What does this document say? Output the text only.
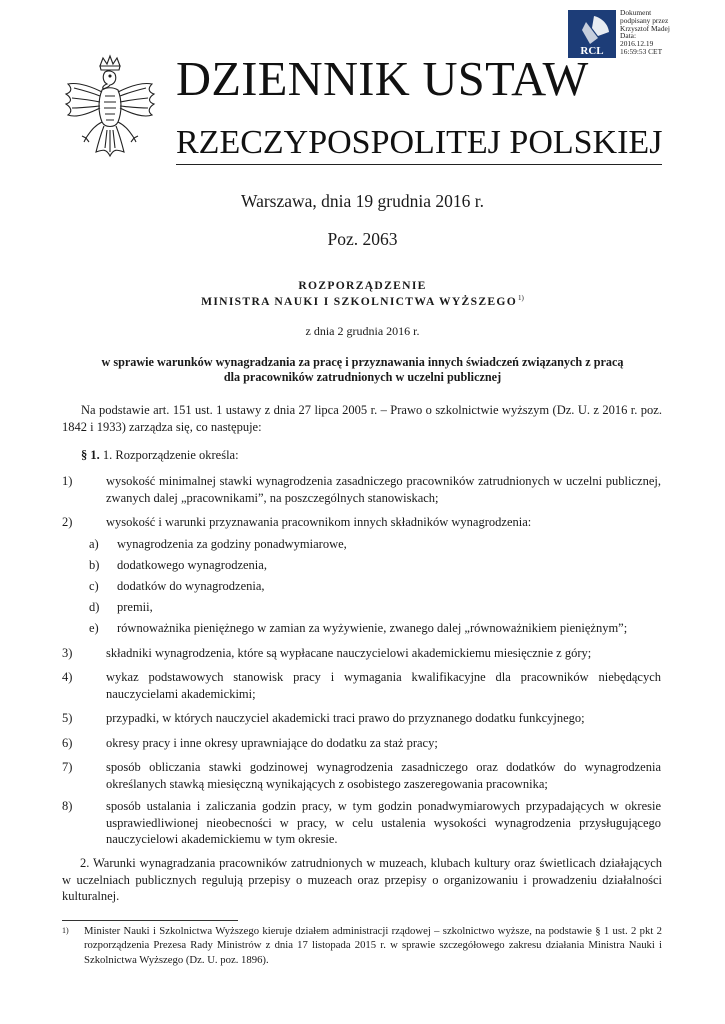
RCL
Dokument
podpisany przez
Krzysztof Madej
Data:
2016.12.19
16:59:53 CET
DZIENNIK USTAW
RZECZYPOSPOLITEJ POLSKIEJ
Warszawa, dnia 19 grudnia 2016 r.
Poz. 2063
ROZPORZĄDZENIE
MINISTRA NAUKI I SZKOLNICTWA WYŻSZEGO$^{1)}$
z dnia 2 grudnia 2016 r.
w sprawie warunków wynagradzania za pracę i przyznawania innych świadczeń związanych z pracą
dla pracowników zatrudnionych w uczelni publicznej
Na podstawie art. 151 ust. 1 ustawy z dnia 27 lipca 2005 r. – Prawo o szkolnictwie wyższym (Dz. U. z 2016 r. poz. 1842 i 1933) zarządza się, co następuje:
§ 1. 1. Rozporządzenie określa:
1)	wysokość minimalnej stawki wynagrodzenia zasadniczego pracowników zatrudnionych w uczelni publicznej, zwanych dalej „pracownikami”, na poszczególnych stanowiskach;
2)	wysokość i warunki przyznawania pracownikom innych składników wynagrodzenia:
a)	wynagrodzenia za godziny ponadwymiarowe,
b)	dodatkowego wynagrodzenia,
c)	dodatków do wynagrodzenia,
d)	premii,
e)	równoważnika pieniężnego w zamian za wyżywienie, zwanego dalej „równoważnikiem pieniężnym”;
3)	składniki wynagrodzenia, które są wypłacane nauczycielowi akademickiemu miesięcznie z góry;
4)	wykaz podstawowych stanowisk pracy i wymagania kwalifikacyjne dla pracowników niebędących nauczycielami akademickimi;
5)	przypadki, w których nauczyciel akademicki traci prawo do przyznanego dodatku funkcyjnego;
6)	okresy pracy i inne okresy uprawniające do dodatku za staż pracy;
7)	sposób obliczania stawki godzinowej wynagrodzenia zasadniczego oraz dodatków do wynagrodzenia określanych stawką miesięczną wynikających z osobistego zaszeregowania pracownika;
8)	sposób ustalania i zaliczania godzin pracy, w tym godzin ponadwymiarowych przypadających w okresie usprawiedliwionej nieobecności w pracy, w celu ustalenia wysokości wynagrodzenia przysługującego nauczycielowi akademickiemu w tym okresie.
2. Warunki wynagradzania pracowników zatrudnionych w muzeach, klubach kultury oraz świetlicach działających w uczelniach publicznych regulują przepisy o muzeach oraz przepisy o organizowaniu i prowadzeniu działalności kulturalnej.
1) Minister Nauki i Szkolnictwa Wyższego kieruje działem administracji rządowej – szkolnictwo wyższe, na podstawie § 1 ust. 2 pkt 2 rozporządzenia Prezesa Rady Ministrów z dnia 17 listopada 2015 r. w sprawie szczegółowego zakresu działania Ministra Nauki i Szkolnictwa Wyższego (Dz. U. poz. 1896).
